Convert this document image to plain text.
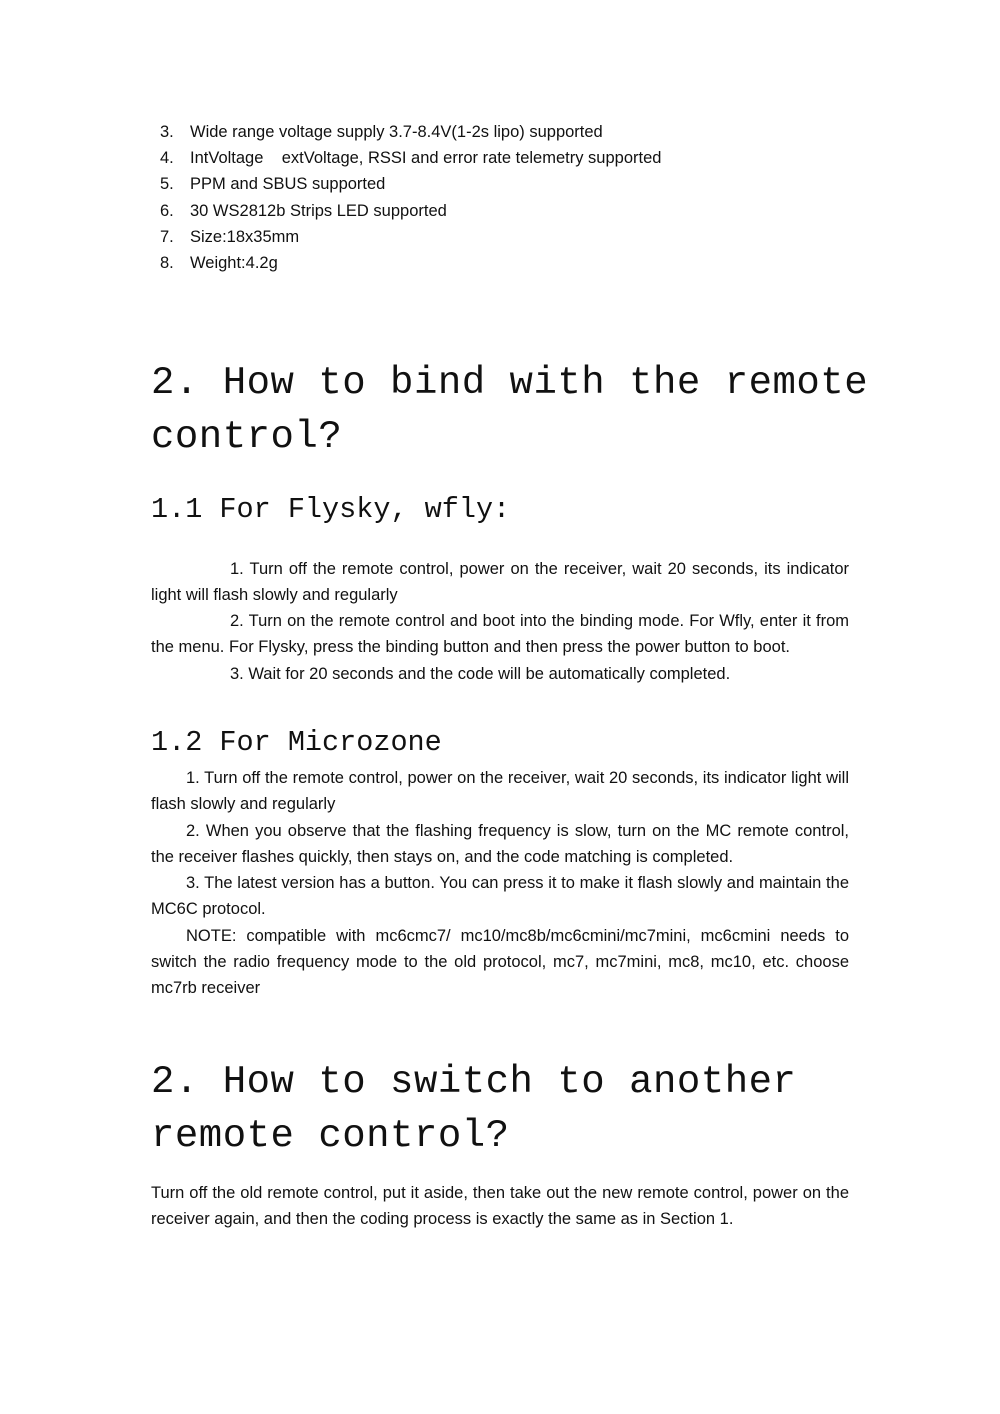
3. Wide range voltage supply 3.7-8.4V(1-2s lipo) supported
4. IntVoltage    extVoltage, RSSI and error rate telemetry supported
5. PPM and SBUS supported
6. 30 WS2812b Strips LED supported
7. Size:18x35mm
8. Weight:4.2g
2. How to bind with the remote control?
1.1 For Flysky, wfly:

1. Turn off the remote control, power on the receiver, wait 20 seconds, its indicator light will flash slowly and regularly

2. Turn on the remote control and boot into the binding mode. For Wfly, enter it from the menu. For Flysky, press the binding button and then press the power button to boot.

3. Wait for 20 seconds and the code will be automatically completed.

1.2 For Microzone

1. Turn off the remote control, power on the receiver, wait 20 seconds, its indicator light will flash slowly and regularly

2. When you observe that the flashing frequency is slow, turn on the MC remote control, the receiver flashes quickly, then stays on, and the code matching is completed.

3. The latest version has a button. You can press it to make it flash slowly and maintain the MC6C protocol.

NOTE: compatible with mc6cmc7/ mc10/mc8b/mc6cmini/mc7mini, mc6cmini needs to switch the radio frequency mode to the old protocol, mc7, mc7mini, mc8, mc10, etc. choose mc7rb receiver

2. How to switch to another remote control?

Turn off the old remote control, put it aside, then take out the new remote control, power on the receiver again, and then the coding process is exactly the same as in Section 1.
